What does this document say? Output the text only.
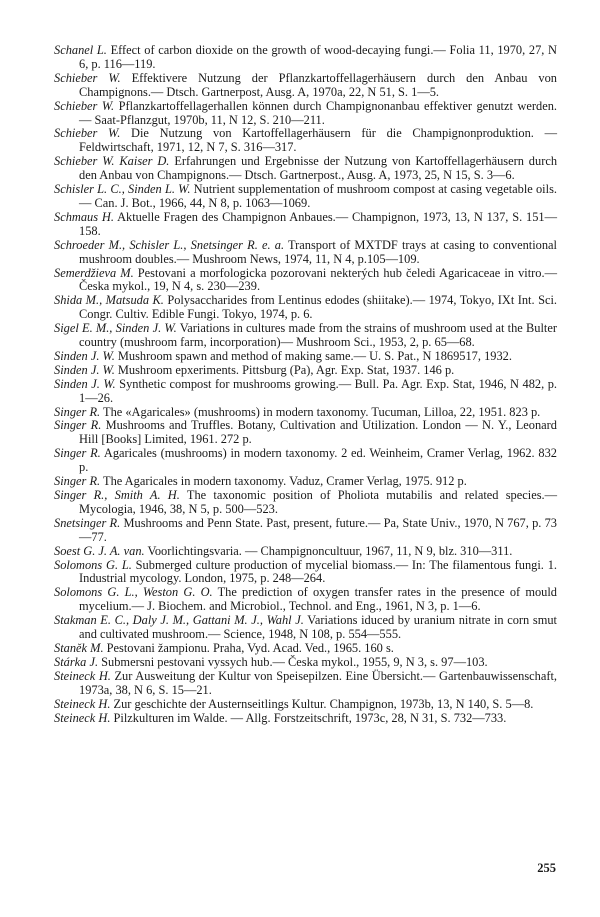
Schanel L. Effect of carbon dioxide on the growth of wood-decaying fungi.— Folia 11, 1970, 27, N 6, p. 116—119.

Schieber W. Effektivere Nutzung der Pflanzkartoffellagerhäusern durch den Anbau von Champignons.— Dtsch. Gartnerpost, Ausg. A, 1970a, 22, N 51, S. 1—5.

Schieber W. Pflanzkartoffellagerhallen können durch Champignonanbau effektiver genutzt werden.— Saat-Pflanzgut, 1970b, 11, N 12, S. 210—211.

Schieber W. Die Nutzung von Kartoffellagerhäusern für die Champignonproduktion. — Feldwirtschaft, 1971, 12, N 7, S. 316—317.

Schieber W. Kaiser D. Erfahrungen und Ergebnisse der Nutzung von Kartoffellagerhäusern durch den Anbau von Champignons.— Dtsch. Gartnerpost., Ausg. A, 1973, 25, N 15, S. 3—6.

Schisler L. C., Sinden L. W. Nutrient supplementation of mushroom compost at casing vegetable oils.— Can. J. Bot., 1966, 44, N 8, p. 1063—1069.

Schmaus H. Aktuelle Fragen des Champignon Anbaues.— Champignon, 1973, 13, N 137, S. 151—158.

Schroeder M., Schisler L., Snetsinger R. e. a. Transport of MXTDF trays at casing to conventional mushroom doubles.— Mushroom News, 1974, 11, N 4, p.105—109.

Semerdžieva M. Pestovani a morfologicka pozorovani nekterých hub čeledi Agaricaceae in vitro.— Česka mykol., 19, N 4, s. 230—239.

Shida M., Matsuda K. Polysaccharides from Lentinus edodes (shiitake).— 1974, Tokyo, IXt Int. Sci. Congr. Cultiv. Edible Fungi. Tokyo, 1974, p. 6.

Sigel E. M., Sinden J. W. Variations in cultures made from the strains of mushroom used at the Bulter country (mushroom farm, incorporation)— Mushroom Sci., 1953, 2, p. 65—68.

Sinden J. W. Mushroom spawn and method of making same.— U. S. Pat., N 1869517, 1932.

Sinden J. W. Mushroom epxeriments. Pittsburg (Pa), Agr. Exp. Stat, 1937. 146 p.

Sinden J. W. Synthetic compost for mushrooms growing.— Bull. Pa. Agr. Exp. Stat, 1946, N 482, p. 1—26.

Singer R. The «Agaricales» (mushrooms) in modern taxonomy. Tucuman, Lilloa, 22, 1951. 823 p.

Singer R. Mushrooms and Truffles. Botany, Cultivation and Utilization. London — N. Y., Leonard Hill [Books] Limited, 1961. 272 p.

Singer R. Agaricales (mushrooms) in modern taxonomy. 2 ed. Weinheim, Cramer Verlag, 1962. 832 p.

Singer R. The Agaricales in modern taxonomy. Vaduz, Cramer Verlag, 1975. 912 p.

Singer R., Smith A. H. The taxonomic position of Pholiota mutabilis and related species.— Mycologia, 1946, 38, N 5, p. 500—523.

Snetsinger R. Mushrooms and Penn State. Past, present, future.— Pa, State Univ., 1970, N 767, p. 73—77.

Soest G. J. A. van. Voorlichtingsvaria. — Champignoncultuur, 1967, 11, N 9, blz. 310—311.

Solomons G. L. Submerged culture production of mycelial biomass.— In: The filamentous fungi. 1. Industrial mycology. London, 1975, p. 248—264.

Solomons G. L., Weston G. O. The prediction of oxygen transfer rates in the presence of mould mycelium.— J. Biochem. and Microbiol., Technol. and Eng., 1961, N 3, p. 1—6.

Stakman E. C., Daly J. M., Gattani M. J., Wahl J. Variations iduced by uranium nitrate in corn smut and cultivated mushroom.— Science, 1948, N 108, p. 554—555.

Staněk M. Pestovani žampionu. Praha, Vyd. Acad. Ved., 1965. 160 s.

Stárka J. Submersni pestovani vyssych hub.— Česka mykol., 1955, 9, N 3, s. 97—103.

Steineck H. Zur Ausweitung der Kultur von Speisepilzen. Eine Übersicht.— Gartenbauwissenschaft, 1973a, 38, N 6, S. 15—21.

Steineck H. Zur geschichte der Austernseitlings Kultur. Champignon, 1973b, 13, N 140, S. 5—8.

Steineck H. Pilzkulturen im Walde. — Allg. Forstzeitschrift, 1973c, 28, N 31, S. 732—733.

255
